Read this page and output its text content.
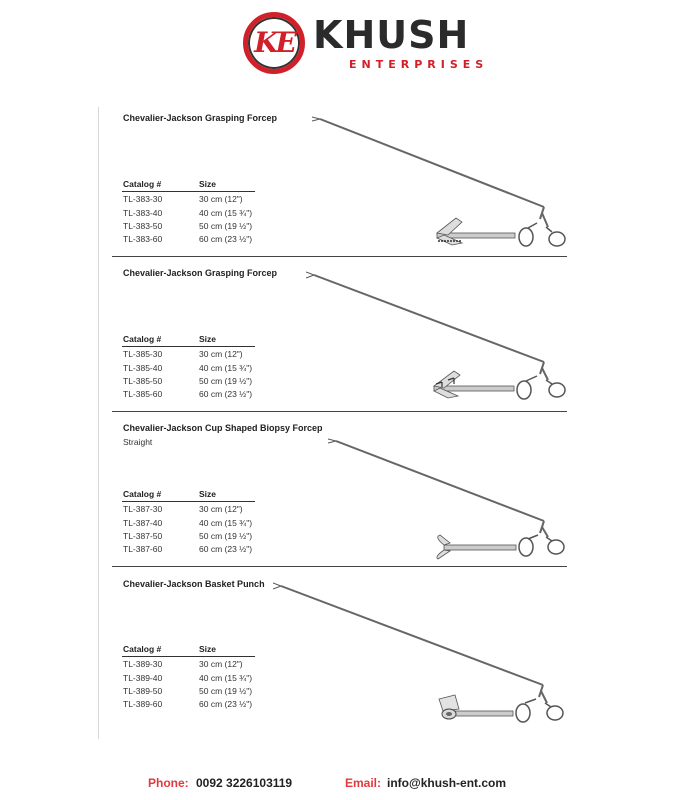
KE KHUSH
ENTERPRISES
Chevalier-Jackson Grasping Forcep
Catalog #	Size
TL-383-30	30 cm (12")
TL-383-40	40 cm (15 ¾")
TL-383-50	50 cm (19 ½")
TL-383-60	60 cm (23 ½")
Chevalier-Jackson Grasping Forcep
Catalog #	Size
TL-385-30	30 cm (12")
TL-385-40	40 cm (15 ¾")
TL-385-50	50 cm (19 ½")
TL-385-60	60 cm (23 ½")
Chevalier-Jackson Cup Shaped Biopsy Forcep
Straight
Catalog #	Size
TL-387-30	30 cm (12")
TL-387-40	40 cm (15 ¾")
TL-387-50	50 cm (19 ½")
TL-387-60	60 cm (23 ½")
Chevalier-Jackson Basket Punch
Catalog #	Size
TL-389-30	30 cm (12")
TL-389-40	40 cm (15 ¾")
TL-389-50	50 cm (19 ½")
TL-389-60	60 cm (23 ½")
Phone: 0092 3226103119	Email: info@khush-ent.com
